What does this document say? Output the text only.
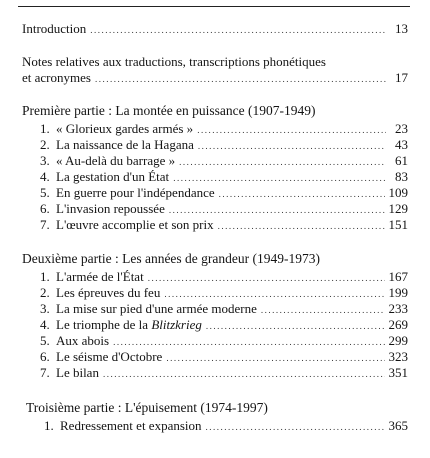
Introduction .....	13
Notes relatives aux traductions, transcriptions phonétiques
et acronymes .....	17
Première partie : La montée en puissance (1907-1949)
1. « Glorieux gardes armés » .....	23
2. La naissance de la Hagana .....	43
3. « Au-delà du barrage » .....	61
4. La gestation d'un État .....	83
5. En guerre pour l'indépendance .....	109
6. L'invasion repoussée .....	129
7. L'œuvre accomplie et son prix .....	151
Deuxième partie : Les années de grandeur (1949-1973)
1. L'armée de l'État .....	167
2. Les épreuves du feu .....	199
3. La mise sur pied d'une armée moderne .....	233
4. Le triomphe de la Blitzkrieg .....	269
5. Aux abois .....	299
6. Le séisme d'Octobre .....	323
7. Le bilan .....	351
Troisième partie : L'épuisement (1974-1997)
1. Redressement et expansion .....	365
